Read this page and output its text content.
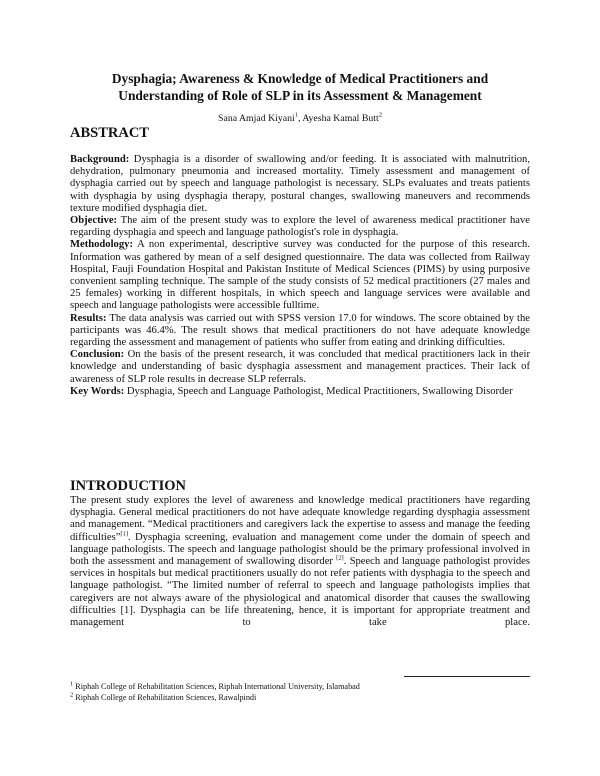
Dysphagia; Awareness & Knowledge of Medical Practitioners and Understanding of Role of SLP in its Assessment & Management
Sana Amjad Kiyani$^1$, Ayesha Kamal Butt$^2$
ABSTRACT

Background: Dysphagia is a disorder of swallowing and/or feeding. It is associated with malnutrition, dehydration, pulmonary pneumonia and increased mortality. Timely assessment and management of dysphagia carried out by speech and language pathologist is necessary. SLPs evaluates and treats patients with dysphagia by using dysphagia therapy, postural changes, swallowing maneuvers and recommends texture modified dysphagia diet.

Objective: The aim of the present study was to explore the level of awareness medical practitioner have regarding dysphagia and speech and language pathologist's role in dysphagia.

Methodology: A non experimental, descriptive survey was conducted for the purpose of this research. Information was gathered by mean of a self designed questionnaire. The data was collected from Railway Hospital, Fauji Foundation Hospital and Pakistan Institute of Medical Sciences (PIMS) by using purposive convenient sampling technique. The sample of the study consists of 52 medical practitioners (27 males and 25 females) working in different hospitals, in which speech and language services were available and speech and language pathologists were accessible fulltime.

Results: The data analysis was carried out with SPSS version 17.0 for windows. The score obtained by the participants was 46.4%. The result shows that medical practitioners do not have adequate knowledge regarding the assessment and management of patients who suffer from eating and drinking difficulties.

Conclusion: On the basis of the present research, it was concluded that medical practitioners lack in their knowledge and understanding of basic dysphagia assessment and management practices. Their lack of awareness of SLP role results in decrease SLP referrals.

Key Words: Dysphagia, Speech and Language Pathologist, Medical Practitioners, Swallowing Disorder

INTRODUCTION

The present study explores the level of awareness and knowledge medical practitioners have regarding dysphagia. General medical practitioners do not have adequate knowledge regarding dysphagia assessment and management. “Medical practitioners and caregivers lack the expertise to assess and manage the feeding difficulties”[1]. Dysphagia screening, evaluation and management come under the domain of speech and language pathologists. The speech and language pathologist should be the primary professional involved in both the assessment and management of swallowing disorder [2]. Speech and language pathologist provides services in hospitals but medical practitioners usually do not refer patients with dysphagia to the speech and language pathologist. “The limited number of referral to speech and language pathologists implies that caregivers are not always aware of the physiological and anatomical disorder that causes the swallowing difficulties [1]. Dysphagia can be life threatening, hence, it is important for appropriate treatment and management to take place.

$^1$ Riphah College of Rehabilitation Sciences, Riphah International University, Islamabad
$^2$ Riphah College of Rehabilitation Sciences, Rawalpindi
